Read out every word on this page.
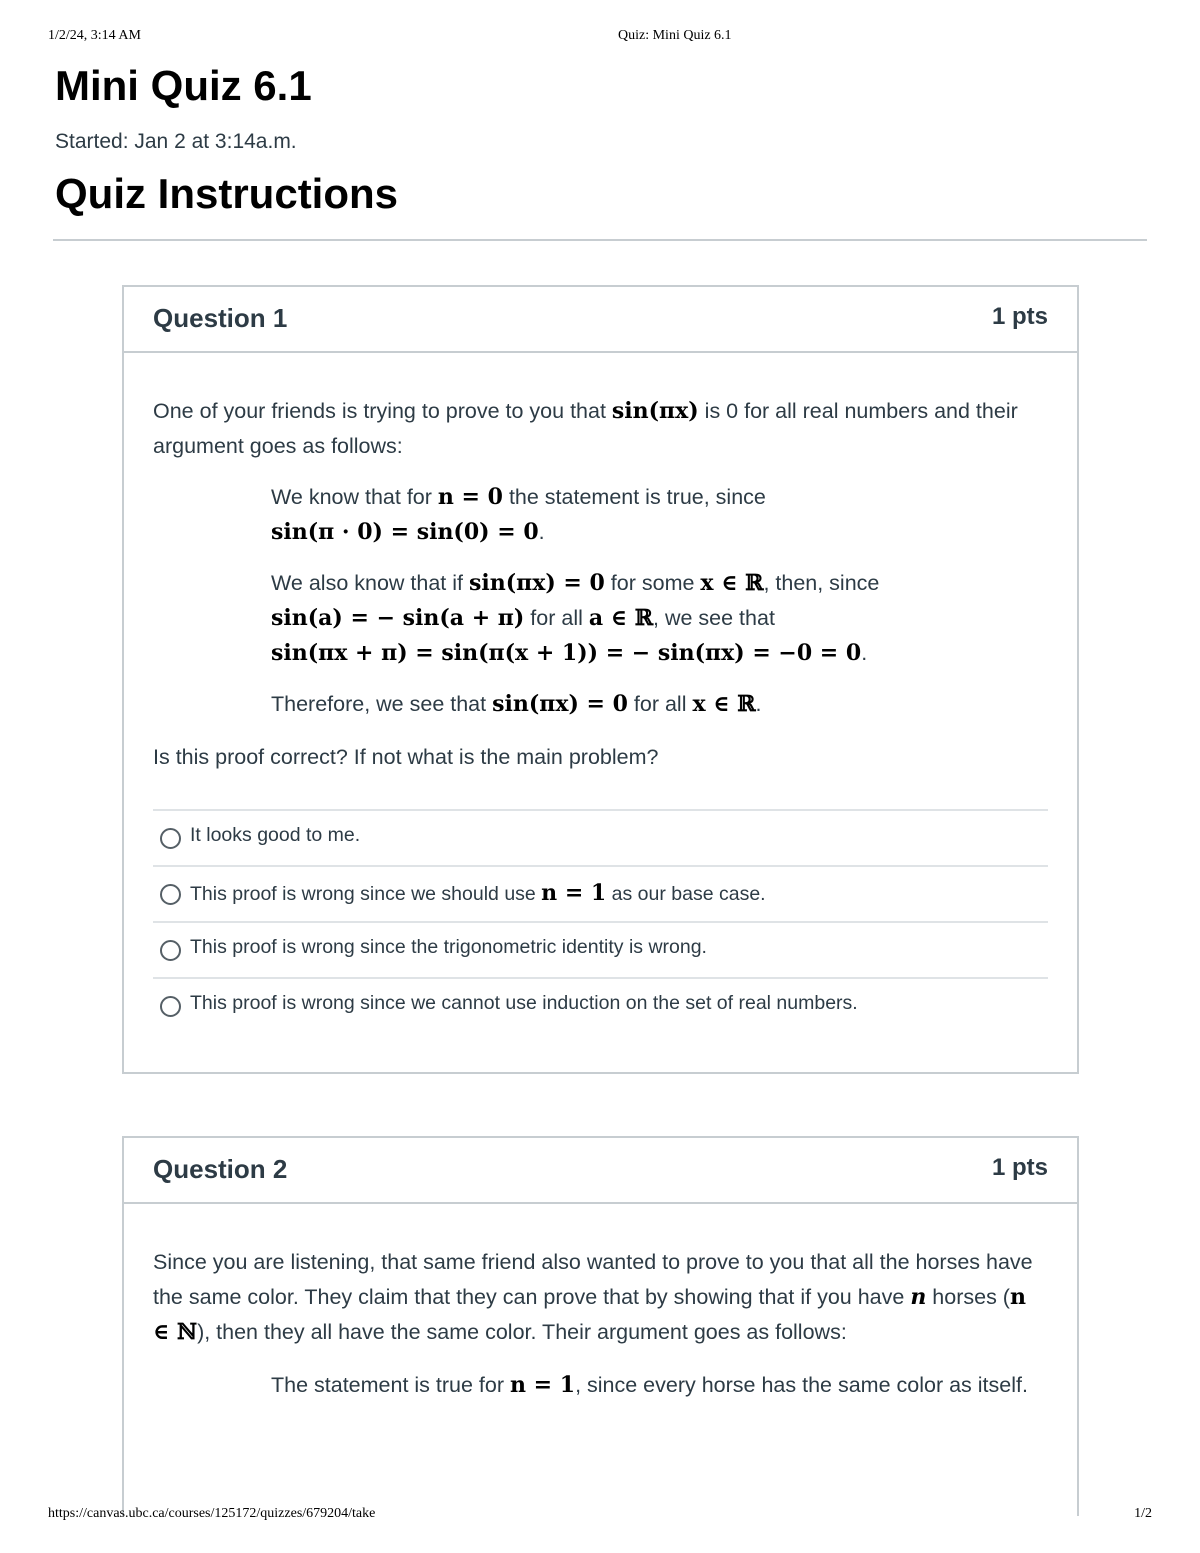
1/2/24, 3:14 AM	Quiz: Mini Quiz 6.1
Mini Quiz 6.1
Started: Jan 2 at 3:14a.m.
Quiz Instructions
Question 1	1 pts

One of your friends is trying to prove to you that sin(πx) is 0 for all real numbers and their argument goes as follows:

We know that for n = 0 the statement is true, since
sin(π · 0) = sin(0) = 0.

We also know that if sin(πx) = 0 for some x ∈ ℝ, then, since
sin(a) = − sin(a + π) for all a ∈ ℝ, we see that
sin(πx + π) = sin(π(x + 1)) = − sin(πx) = −0 = 0.

Therefore, we see that sin(πx) = 0 for all x ∈ ℝ.

Is this proof correct? If not what is the main problem?

It looks good to me.
This proof is wrong since we should use n = 1 as our base case.
This proof is wrong since the trigonometric identity is wrong.
This proof is wrong since we cannot use induction on the set of real numbers.
Question 2	1 pts

Since you are listening, that same friend also wanted to prove to you that all the horses have the same color. They claim that they can prove that by showing that if you have n horses (n ∈ ℕ), then they all have the same color. Their argument goes as follows:

The statement is true for n = 1, since every horse has the same color as itself.

https://canvas.ubc.ca/courses/125172/quizzes/679204/take	1/2
